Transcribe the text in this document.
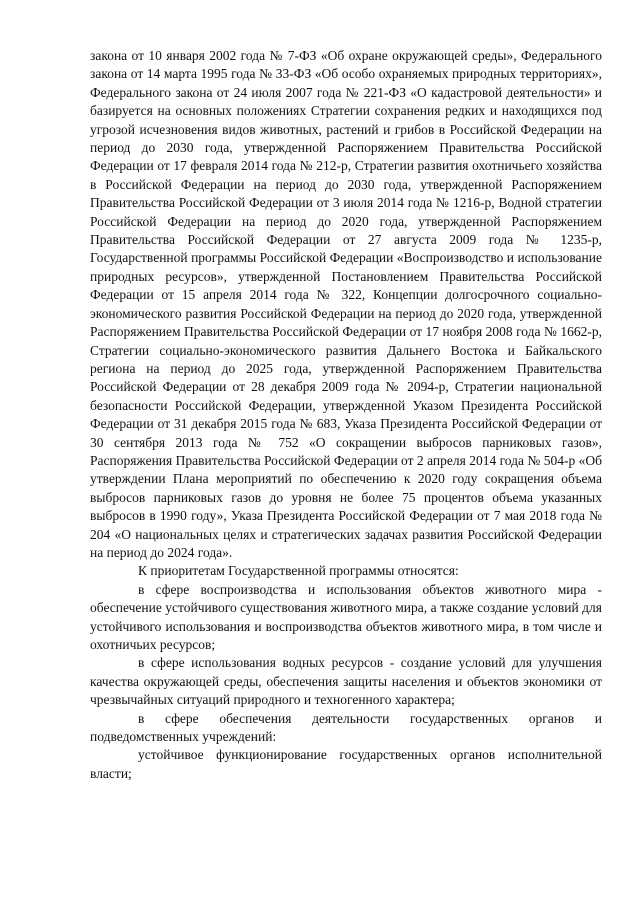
закона от 10 января 2002 года № 7-ФЗ «Об охране окружающей среды», Федерального закона от 14 марта 1995 года № 33-ФЗ «Об особо охраняемых природных территориях», Федерального закона от 24 июля 2007 года № 221-ФЗ «О кадастровой деятельности» и базируется на основных положениях Стратегии сохранения редких и находящихся под угрозой исчезновения видов животных, растений и грибов в Российской Федерации на период до 2030 года, утвержденной Распоряжением Правительства Российской Федерации от 17 февраля 2014 года № 212-р, Стратегии развития охотничьего хозяйства в Российской Федерации на период до 2030 года, утвержденной Распоряжением Правительства Российской Федерации от 3 июля 2014 года № 1216-р, Водной стратегии Российской Федерации на период до 2020 года, утвержденной Распоряжением Правительства Российской Федерации от 27 августа 2009 года № 1235-р, Государственной программы Российской Федерации «Воспроизводство и использование природных ресурсов», утвержденной Постановлением Правительства Российской Федерации от 15 апреля 2014 года № 322, Концепции долгосрочного социально-экономического развития Российской Федерации на период до 2020 года, утвержденной Распоряжением Правительства Российской Федерации от 17 ноября 2008 года № 1662-р, Стратегии социально-экономического развития Дальнего Востока и Байкальского региона на период до 2025 года, утвержденной Распоряжением Правительства Российской Федерации от 28 декабря 2009 года № 2094-р, Стратегии национальной безопасности Российской Федерации, утвержденной Указом Президента Российской Федерации от 31 декабря 2015 года № 683, Указа Президента Российской Федерации от 30 сентября 2013 года № 752 «О сокращении выбросов парниковых газов», Распоряжения Правительства Российской Федерации от 2 апреля 2014 года № 504-р «Об утверждении Плана мероприятий по обеспечению к 2020 году сокращения объема выбросов парниковых газов до уровня не более 75 процентов объема указанных выбросов в 1990 году», Указа Президента Российской Федерации от 7 мая 2018 года № 204 «О национальных целях и стратегических задачах развития Российской Федерации на период до 2024 года».

К приоритетам Государственной программы относятся:

в сфере воспроизводства и использования объектов животного мира - обеспечение устойчивого существования животного мира, а также создание условий для устойчивого использования и воспроизводства объектов животного мира, в том числе и охотничьих ресурсов;

в сфере использования водных ресурсов - создание условий для улучшения качества окружающей среды, обеспечения защиты населения и объектов экономики от чрезвычайных ситуаций природного и техногенного характера;

в сфере обеспечения деятельности государственных органов и подведомственных учреждений:

устойчивое функционирование государственных органов исполнительной власти;
